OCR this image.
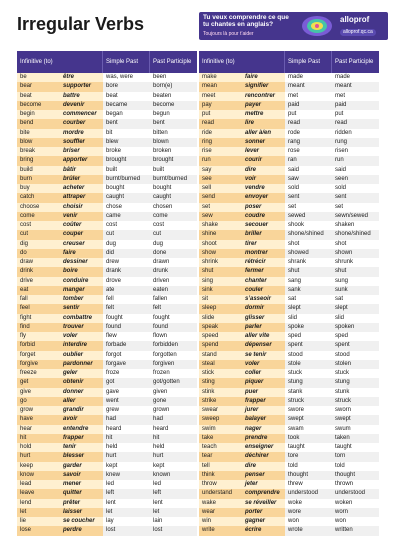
Irregular Verbs	Tu veux comprendre ce que tu chantes en anglais?
Toujours là pour t’aider
alloprof
alloprof.qc.ca
Infinitive (to)	Simple Past	Past Participle
be	être	was, were	been
bear	supporter	bore	born(e)
beat	battre	beat	beaten
become	devenir	became	become
begin	commencer	began	begun
bend	courber	bent	bent
bite	mordre	bit	bitten
blow	souffler	blew	blown
break	briser	broke	broken
bring	apporter	brought	brought
build	bâtir	built	built
burn	brûler	burnt/burned	burnt/burned
buy	acheter	bought	bought
catch	attraper	caught	caught
choose	choisir	chose	chosen
come	venir	came	come
cost	coûter	cost	cost
cut	couper	cut	cut
dig	creuser	dug	dug
do	faire	did	done
draw	dessiner	drew	drawn
drink	boire	drank	drunk
drive	conduire	drove	driven
eat	manger	ate	eaten
fall	tomber	fell	fallen
feel	sentir	felt	felt
fight	combattre	fought	fought
find	trouver	found	found
fly	voler	flew	flown
forbid	interdire	forbade	forbidden
forget	oublier	forgot	forgotten
forgive	pardonner	forgave	forgiven
freeze	geler	froze	frozen
get	obtenir	got	got/gotten
give	donner	gave	given
go	aller	went	gone
grow	grandir	grew	grown
have	avoir	had	had
hear	entendre	heard	heard
hit	frapper	hit	hit
hold	tenir	held	held
hurt	blesser	hurt	hurt
keep	garder	kept	kept
know	savoir	knew	known
lead	mener	led	led
leave	quitter	left	left
lend	prêter	lent	lent
let	laisser	let	let
lie	se coucher	lay	lain
lose	perdre	lost	lost
Infinitive (to)	Simple Past	Past Participle
make	faire	made	made
mean	signifier	meant	meant
meet	rencontrer	met	met
pay	payer	paid	paid
put	mettre	put	put
read	lire	read	read
ride	aller à/en	rode	ridden
ring	sonner	rang	rung
rise	lever	rose	risen
run	courir	ran	run
say	dire	said	said
see	voir	saw	seen
sell	vendre	sold	sold
send	envoyer	sent	sent
set	poser	set	set
sew	coudre	sewed	sewn/sewed
shake	secouer	shook	shaken
shine	briller	shone/shined	shone/shined
shoot	tirer	shot	shot
show	montrer	showed	shown
shrink	rétrécir	shrank	shrunk
shut	fermer	shut	shut
sing	chanter	sang	sung
sink	couler	sank	sunk
sit	s’asseoir	sat	sat
sleep	dormir	slept	slept
slide	glisser	slid	slid
speak	parler	spoke	spoken
speed	aller vite	sped	sped
spend	dépenser	spent	spent
stand	se tenir	stood	stood
steal	voler	stole	stolen
stick	coller	stuck	stuck
sting	piquer	stung	stung
stink	puer	stank	stunk
strike	frapper	struck	struck
swear	jurer	swore	sworn
sweep	balayer	swept	swept
swim	nager	swam	swum
take	prendre	took	taken
teach	enseigner	taught	taught
tear	déchirer	tore	torn
tell	dire	told	told
think	penser	thought	thought
throw	jeter	threw	thrown
understand	comprendre	understood	understood
wake	se réveiller	woke	woken
wear	porter	wore	worn
win	gagner	won	won
write	écrire	wrote	written
